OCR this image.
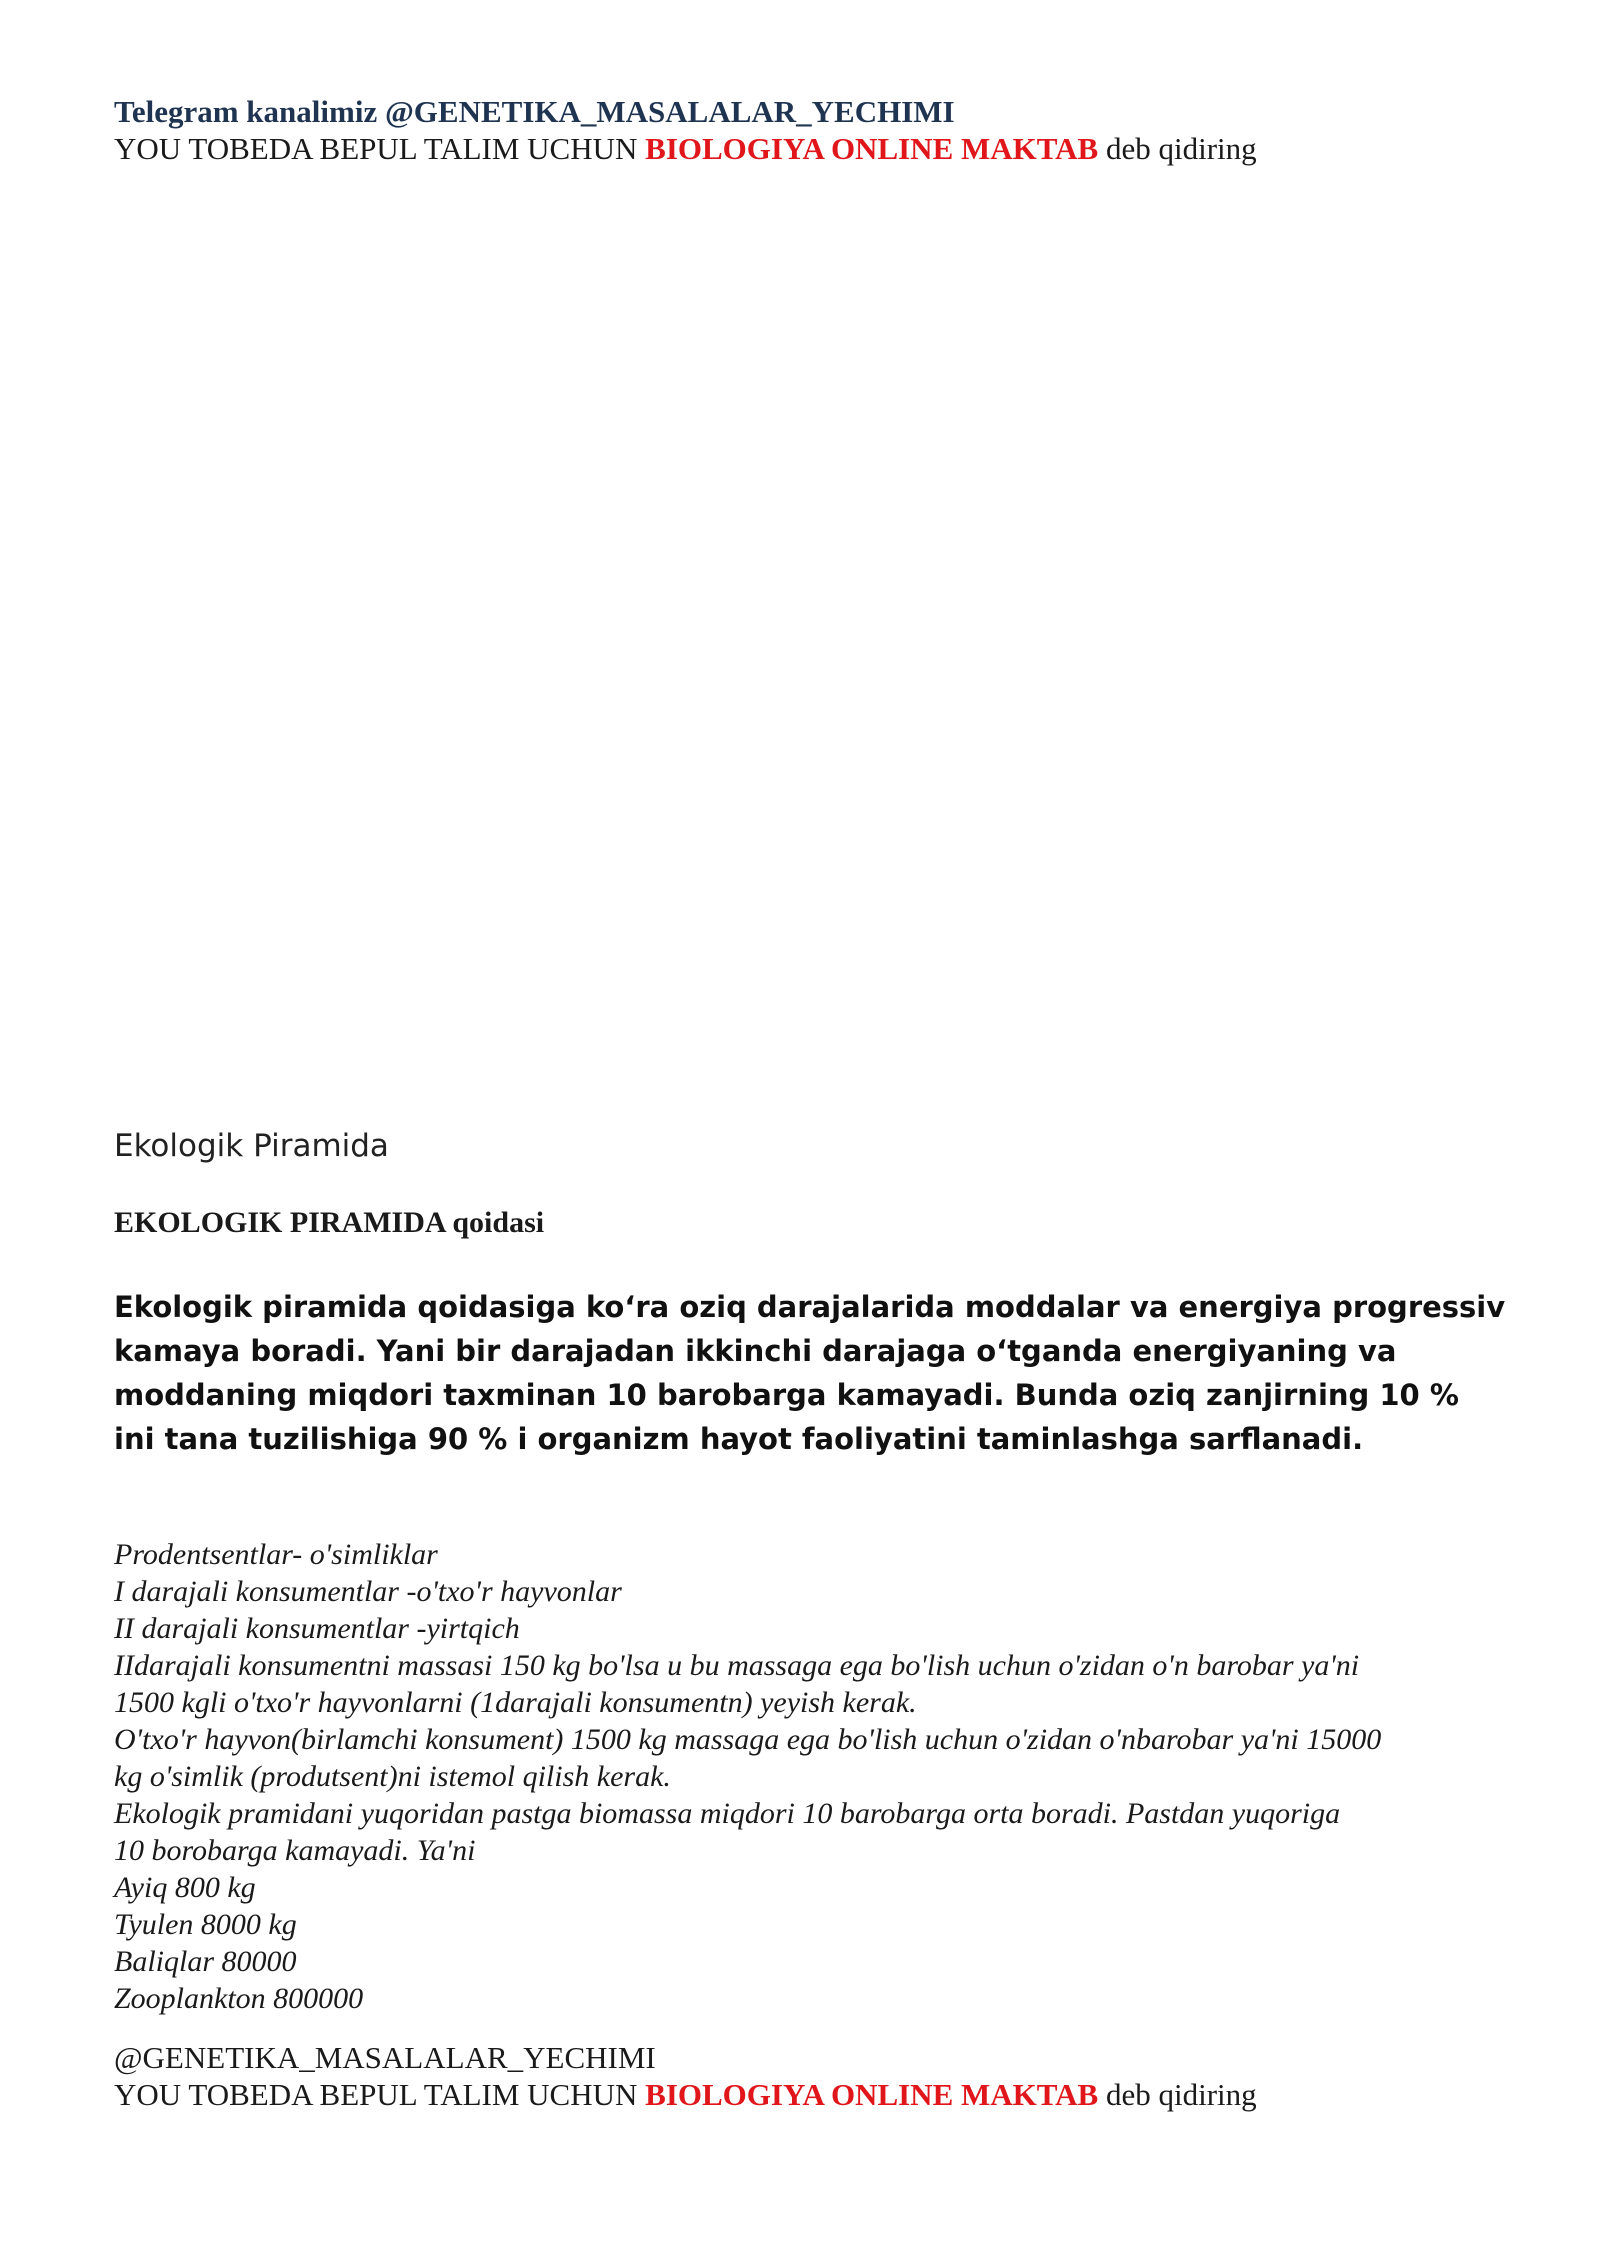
Telegram kanalimiz @GENETIKA_MASALALAR_YECHIMI
YOU TOBEDA BEPUL TALIM UCHUN BIOLOGIYA ONLINE MAKTAB deb qidiring
Ekologik Piramida
EKOLOGIK PIRAMIDA qoidasi
Ekologik piramida qoidasiga koʻra oziq darajalarida moddalar va energiya progressiv
kamaya boradi. Yani bir darajadan ikkinchi darajaga oʻtganda energiyaning va
moddaning miqdori taxminan 10 barobarga kamayadi. Bunda oziq zanjirning 10 %
ini tana tuzilishiga 90 % i organizm hayot faoliyatini taminlashga sarflanadi.
Prodentsentlar- o'simliklar
I darajali konsumentlar -o'txo'r hayvonlar
II darajali konsumentlar -yirtqich
IIdarajali konsumentni massasi 150 kg bo'lsa u bu massaga ega bo'lish uchun o'zidan o'n barobar ya'ni
1500 kgli o'txo'r hayvonlarni (1darajali konsumentn) yeyish kerak.
O'txo'r hayvon(birlamchi konsument) 1500 kg massaga ega bo'lish uchun o'zidan o'nbarobar ya'ni 15000
kg o'simlik (produtsent)ni istemol qilish kerak.
Ekologik pramidani yuqoridan pastga biomassa miqdori 10 barobarga orta boradi. Pastdan yuqoriga
10 borobarga kamayadi. Ya'ni
Ayiq 800 kg
Tyulen 8000 kg
Baliqlar 80000
Zooplankton 800000
@GENETIKA_MASALALAR_YECHIMI
YOU TOBEDA BEPUL TALIM UCHUN BIOLOGIYA ONLINE MAKTAB deb qidiring
